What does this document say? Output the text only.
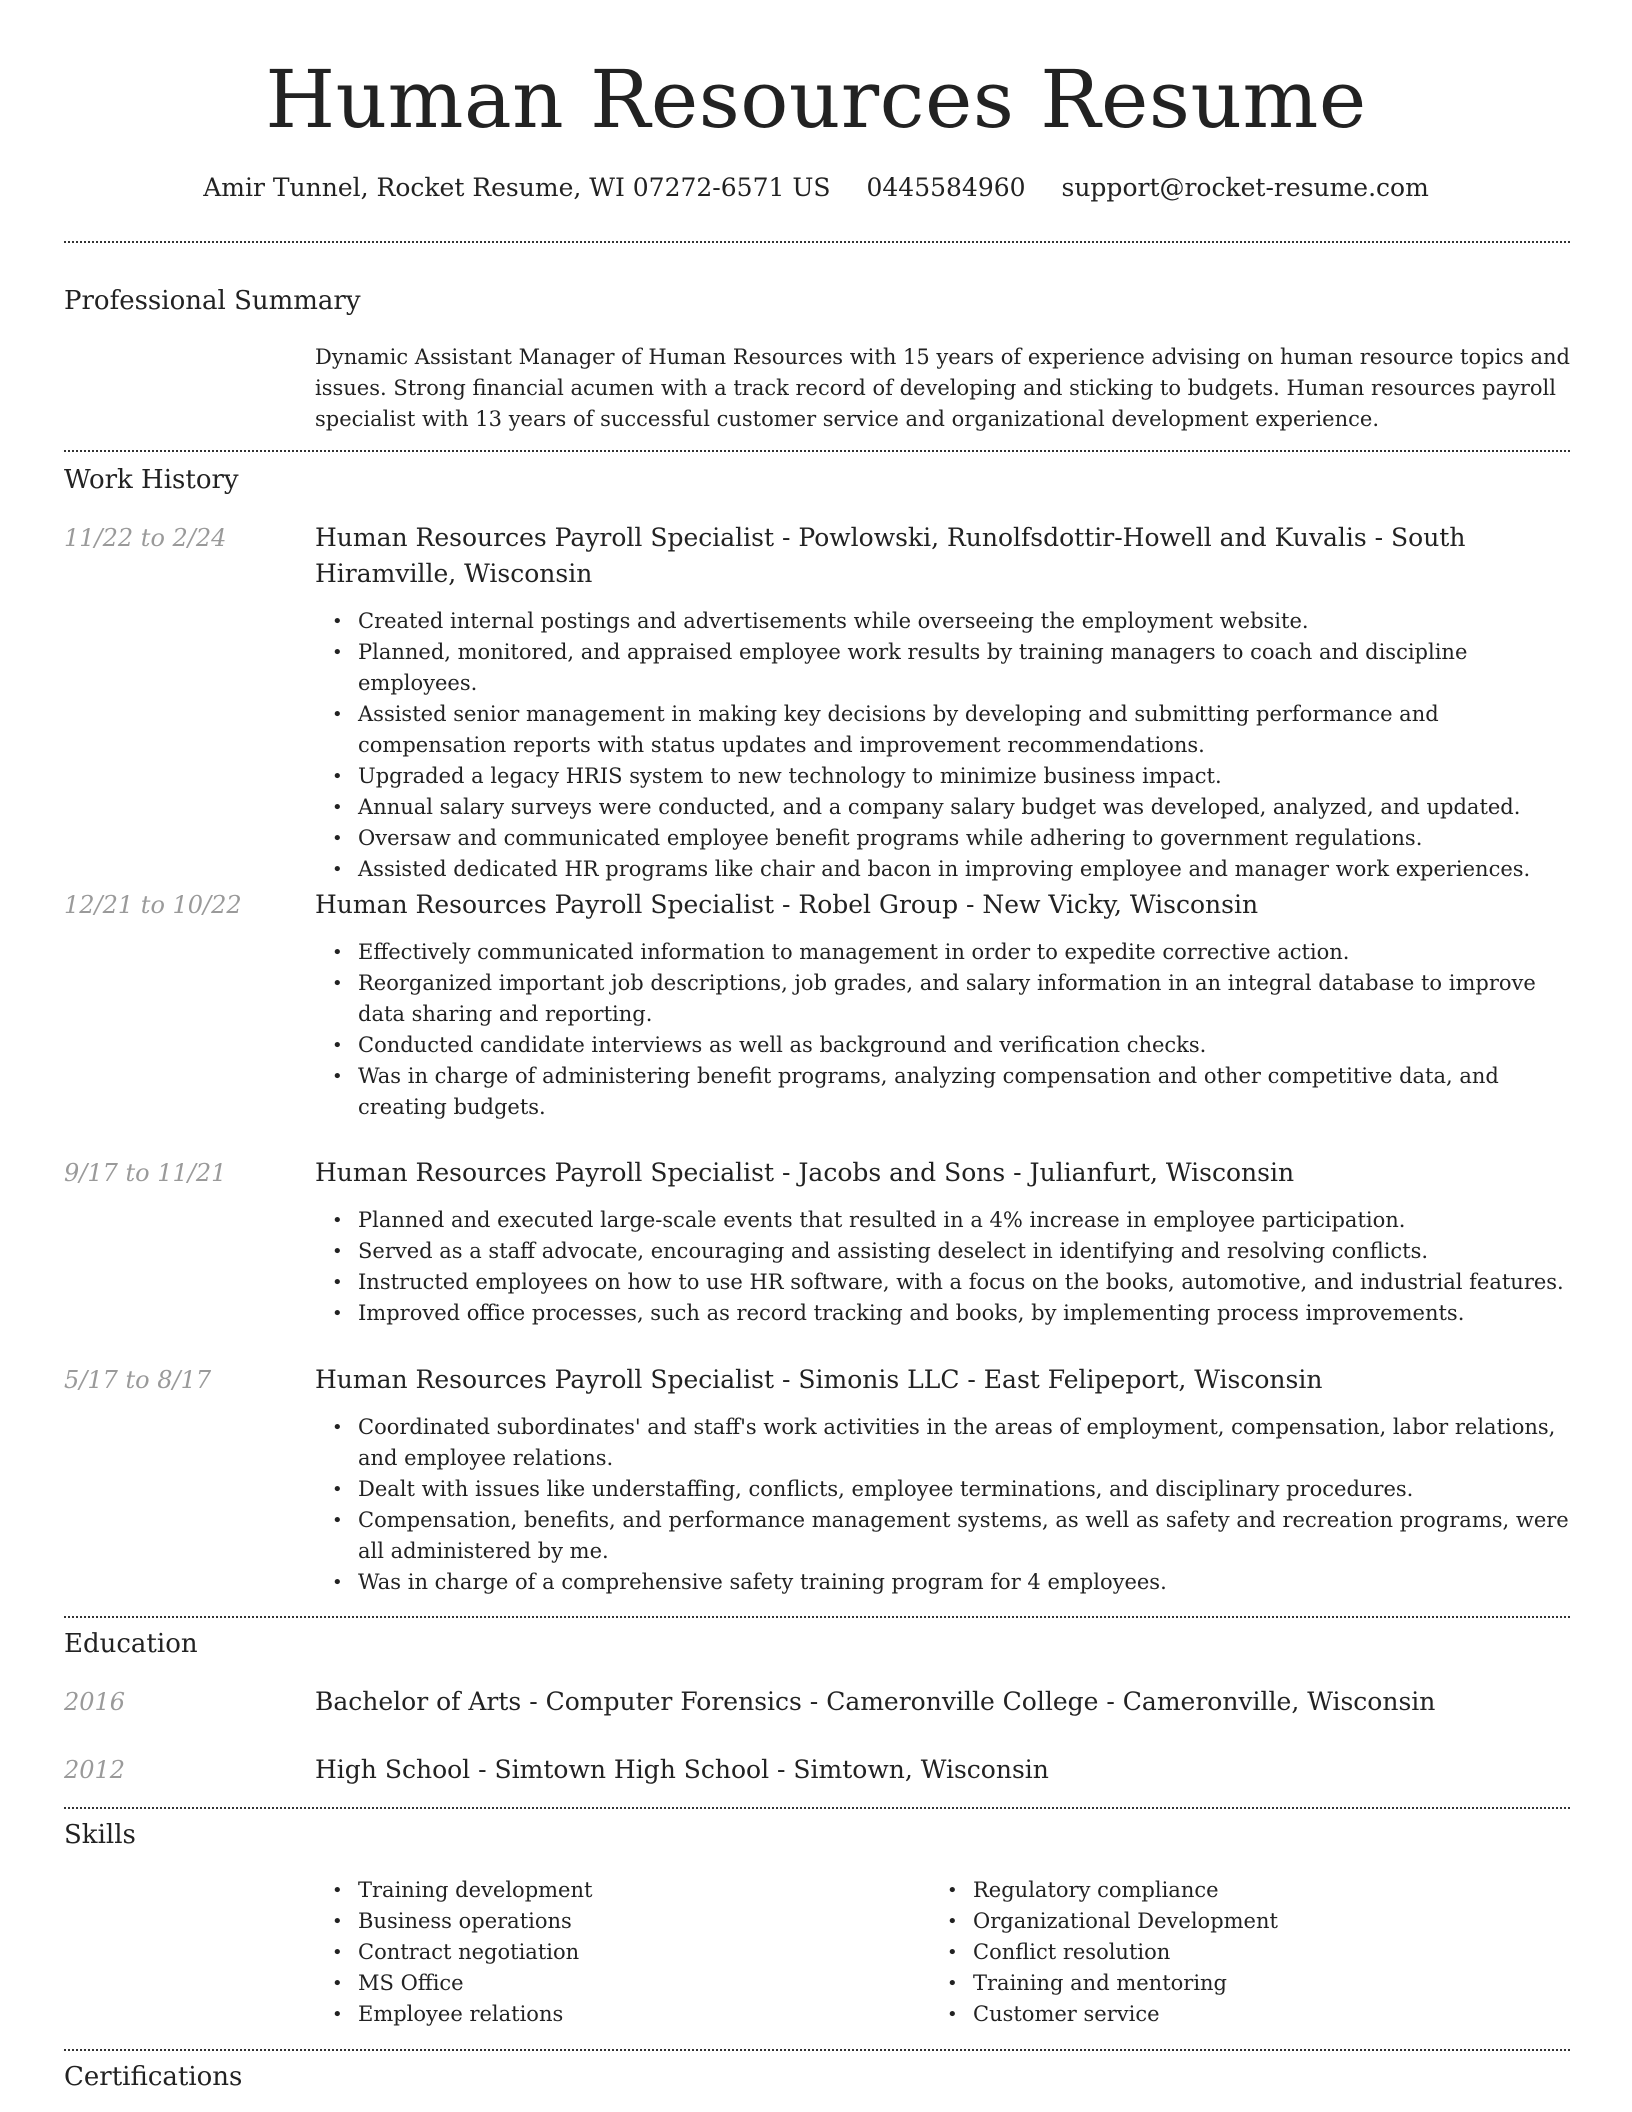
Human Resources Resume
Amir Tunnel, Rocket Resume, WI 07272-6571 US 0445584960 support@rocket-resume.com
Professional Summary

Dynamic Assistant Manager of Human Resources with 15 years of experience advising on human resource topics and issues. Strong financial acumen with a track record of developing and sticking to budgets. Human resources payroll specialist with 13 years of successful customer service and organizational development experience.

Work History
11/22 to 2/24	Human Resources Payroll Specialist - Powlowski, Runolfsdottir-Howell and Kuvalis - South Hiramville, Wisconsin
• Created internal postings and advertisements while overseeing the employment website.
• Planned, monitored, and appraised employee work results by training managers to coach and discipline employees.
• Assisted senior management in making key decisions by developing and submitting performance and compensation reports with status updates and improvement recommendations.
• Upgraded a legacy HRIS system to new technology to minimize business impact.
• Annual salary surveys were conducted, and a company salary budget was developed, analyzed, and updated.
• Oversaw and communicated employee benefit programs while adhering to government regulations.
• Assisted dedicated HR programs like chair and bacon in improving employee and manager work experiences.
12/21 to 10/22	Human Resources Payroll Specialist - Robel Group - New Vicky, Wisconsin
• Effectively communicated information to management in order to expedite corrective action.
• Reorganized important job descriptions, job grades, and salary information in an integral database to improve data sharing and reporting.
• Conducted candidate interviews as well as background and verification checks.
• Was in charge of administering benefit programs, analyzing compensation and other competitive data, and creating budgets.
9/17 to 11/21	Human Resources Payroll Specialist - Jacobs and Sons - Julianfurt, Wisconsin
• Planned and executed large-scale events that resulted in a 4% increase in employee participation.
• Served as a staff advocate, encouraging and assisting deselect in identifying and resolving conflicts.
• Instructed employees on how to use HR software, with a focus on the books, automotive, and industrial features.
• Improved office processes, such as record tracking and books, by implementing process improvements.
5/17 to 8/17	Human Resources Payroll Specialist - Simonis LLC - East Felipeport, Wisconsin
• Coordinated subordinates' and staff's work activities in the areas of employment, compensation, labor relations, and employee relations.
• Dealt with issues like understaffing, conflicts, employee terminations, and disciplinary procedures.
• Compensation, benefits, and performance management systems, as well as safety and recreation programs, were all administered by me.
• Was in charge of a comprehensive safety training program for 4 employees.
Education
2016	Bachelor of Arts - Computer Forensics - Cameronville College - Cameronville, Wisconsin
2012	High School - Simtown High School - Simtown, Wisconsin
Skills
• Training development
• Business operations
• Contract negotiation
• MS Office
• Employee relations
• Regulatory compliance
• Organizational Development
• Conflict resolution
• Training and mentoring
• Customer service
Certifications
